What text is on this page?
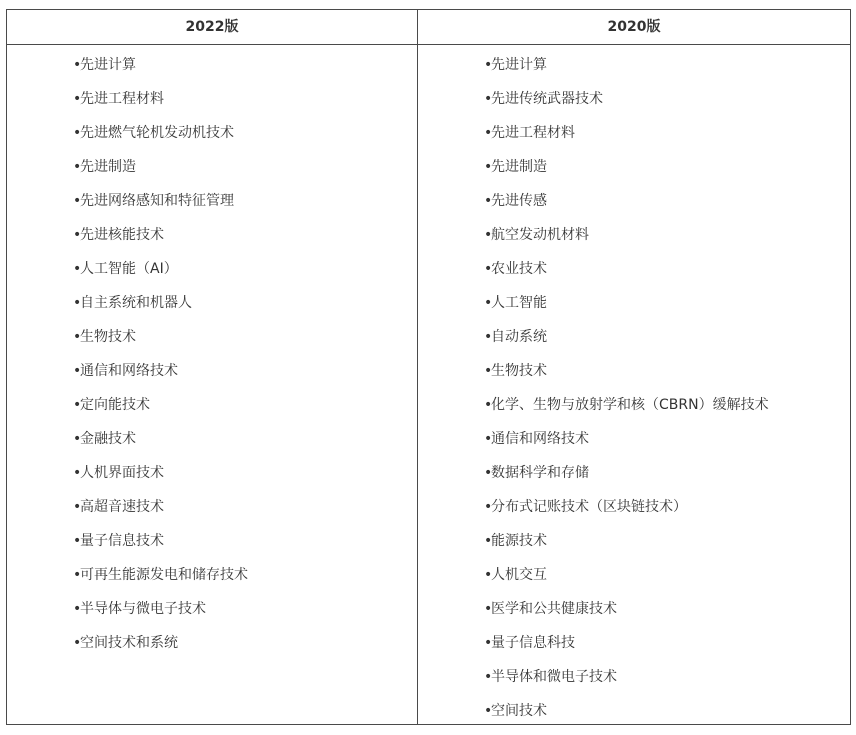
2022版	2020版
•先进计算
•先进工程材料
•先进燃气轮机发动机技术
•先进制造
•先进网络感知和特征管理
•先进核能技术
•人工智能（AI）
•自主系统和机器人
•生物技术
•通信和网络技术
•定向能技术
•金融技术
•人机界面技术
•高超音速技术
•量子信息技术
•可再生能源发电和储存技术
•半导体与微电子技术
•空间技术和系统
•先进计算
•先进传统武器技术
•先进工程材料
•先进制造
•先进传感
•航空发动机材料
•农业技术
•人工智能
•自动系统
•生物技术
•化学、生物与放射学和核（CBRN）缓解技术
•通信和网络技术
•数据科学和存储
•分布式记账技术（区块链技术）
•能源技术
•人机交互
•医学和公共健康技术
•量子信息科技
•半导体和微电子技术
•空间技术
